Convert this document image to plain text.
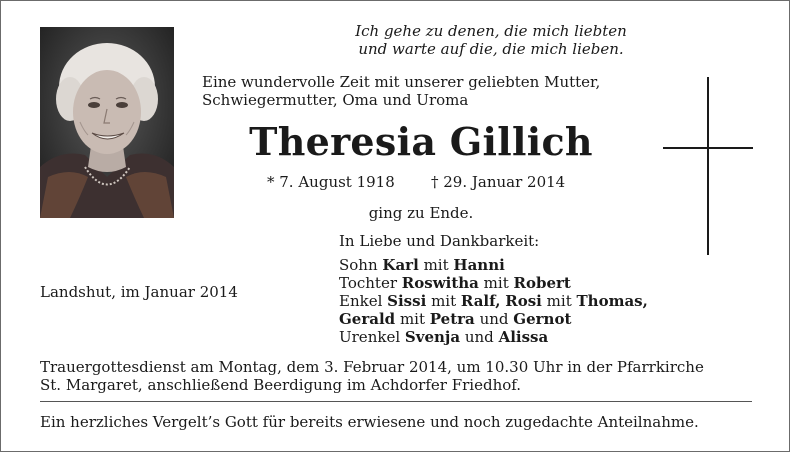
Ich gehe zu denen, die mich liebten
und warte auf die, die mich lieben.
Eine wundervolle Zeit mit unserer geliebten Mutter,
Schwiegermutter, Oma und Uroma
Theresia Gillich
* 7. August 1918 † 29. Januar 2014
ging zu Ende.
In Liebe und Dankbarkeit:
Sohn Karl mit Hanni
Tochter Roswitha mit Robert
Enkel Sissi mit Ralf, Rosi mit Thomas,
Gerald mit Petra und Gernot
Urenkel Svenja und Alissa
Landshut, im Januar 2014
Trauergottesdienst am Montag, dem 3. Februar 2014, um 10.30 Uhr in der Pfarrkirche
St. Margaret, anschließend Beerdigung im Achdorfer Friedhof.
Ein herzliches Vergelt’s Gott für bereits erwiesene und noch zugedachte Anteilnahme.
